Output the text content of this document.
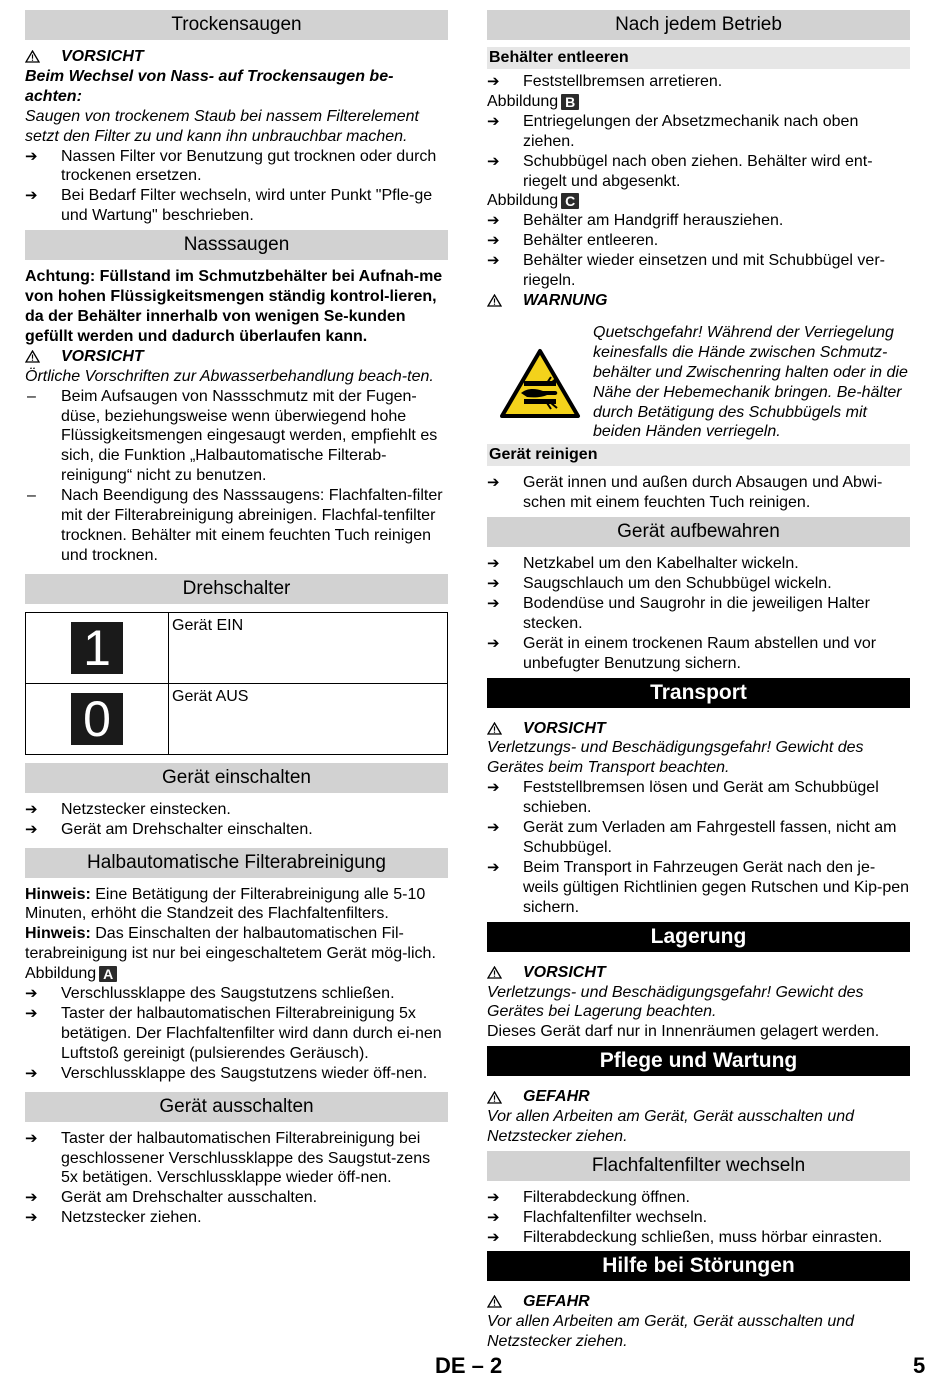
Trockensaugen
VORSICHT

Beim Wechsel von Nass- auf Trockensaugen be-achten:

Saugen von trockenem Staub bei nassem Filterelement setzt den Filter zu und kann ihn unbrauchbar machen.

➔	Nassen Filter vor Benutzung gut trocknen oder durch trockenen ersetzen.
➔	Bei Bedarf Filter wechseln, wird unter Punkt "Pfle-ge und Wartung" beschrieben.
Nasssaugen

Achtung: Füllstand im Schmutzbehälter bei Aufnah-me von hohen Flüssigkeitsmengen ständig kontrol-lieren, da der Behälter innerhalb von wenigen Se-kunden gefüllt werden und dadurch überlaufen kann.

VORSICHT

Örtliche Vorschriften zur Abwasserbehandlung beach-ten.

–	Beim Aufsaugen von Nassschmutz mit der Fugen-düse, beziehungsweise wenn überwiegend hohe Flüssigkeitsmengen eingesaugt werden, empfiehlt es sich, die Funktion „Halbautomatische Filterab-reinigung“ nicht zu benutzen.
–	Nach Beendigung des Nasssaugens: Flachfalten-filter mit der Filterabreinigung abreinigen. Flachfal-tenfilter trocknen. Behälter mit einem feuchten Tuch reinigen und trocknen.
Drehschalter
1	Gerät EIN
0	Gerät AUS
Gerät einschalten
➔	Netzstecker einstecken.
➔	Gerät am Drehschalter einschalten.
Halbautomatische Filterabreinigung

Hinweis: Eine Betätigung der Filterabreinigung alle 5-10 Minuten, erhöht die Standzeit des Flachfaltenfilters.

Hinweis: Das Einschalten der halbautomatischen Fil-terabreinigung ist nur bei eingeschaltetem Gerät mög-lich.

Abbildung A

➔	Verschlussklappe des Saugstutzens schließen.
➔	Taster der halbautomatischen Filterabreinigung 5x betätigen. Der Flachfaltenfilter wird dann durch ei-nen Luftstoß gereinigt (pulsierendes Geräusch).
➔	Verschlussklappe des Saugstutzens wieder öff-nen.
Gerät ausschalten
➔	Taster der halbautomatischen Filterabreinigung bei geschlossener Verschlussklappe des Saugstut-zens 5x betätigen. Verschlussklappe wieder öff-nen.
➔	Gerät am Drehschalter ausschalten.
➔	Netzstecker ziehen.
Nach jedem Betrieb
Behälter entleeren
➔	Feststellbremsen arretieren.

Abbildung B

➔	Entriegelungen der Absetzmechanik nach oben ziehen.
➔	Schubbügel nach oben ziehen. Behälter wird ent-riegelt und abgesenkt.

Abbildung C

➔	Behälter am Handgriff herausziehen.
➔	Behälter entleeren.
➔	Behälter wieder einsetzen und mit Schubbügel ver-riegeln.
WARNUNG

Quetschgefahr! Während der Verriegelung keinesfalls die Hände zwischen Schmutz-behälter und Zwischenring halten oder in die Nähe der Hebemechanik bringen. Be-hälter durch Betätigung des Schubbügels mit beiden Händen verriegeln.

Gerät reinigen
➔	Gerät innen und außen durch Absaugen und Abwi-schen mit einem feuchten Tuch reinigen.
Gerät aufbewahren
➔	Netzkabel um den Kabelhalter wickeln.
➔	Saugschlauch um den Schubbügel wickeln.
➔	Bodendüse und Saugrohr in die jeweiligen Halter stecken.
➔	Gerät in einem trockenen Raum abstellen und vor unbefugter Benutzung sichern.
Transport
VORSICHT

Verletzungs- und Beschädigungsgefahr! Gewicht des Gerätes beim Transport beachten.

➔	Feststellbremsen lösen und Gerät am Schubbügel schieben.
➔	Gerät zum Verladen am Fahrgestell fassen, nicht am Schubbügel.
➔	Beim Transport in Fahrzeugen Gerät nach den je-weils gültigen Richtlinien gegen Rutschen und Kip-pen sichern.
Lagerung
VORSICHT

Verletzungs- und Beschädigungsgefahr! Gewicht des Gerätes bei Lagerung beachten.

Dieses Gerät darf nur in Innenräumen gelagert werden.

Pflege und Wartung
GEFAHR

Vor allen Arbeiten am Gerät, Gerät ausschalten und Netzstecker ziehen.

Flachfaltenfilter wechseln
➔	Filterabdeckung öffnen.
➔	Flachfaltenfilter wechseln.
➔	Filterabdeckung schließen, muss hörbar einrasten.
Hilfe bei Störungen
GEFAHR

Vor allen Arbeiten am Gerät, Gerät ausschalten und Netzstecker ziehen.

DE – 2	5
